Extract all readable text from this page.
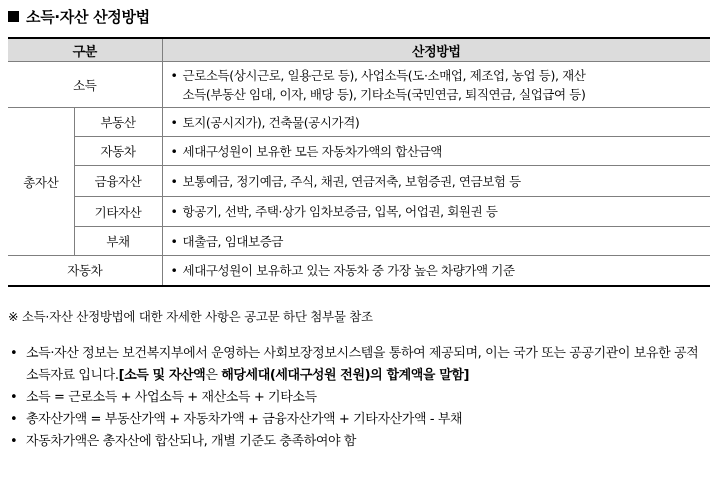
소득·자산 산정방법
구분		산정방법
소득		• 근로소득(상시근로, 일용근로 등), 사업소득(도·소매업, 제조업, 농업 등), 재산
소득(부동산 임대, 이자, 배당 등), 기타소득(국민연금, 퇴직연금, 실업급여 등)

총자산	부동산	• 토지(공시지가), 건축물(공시가격)

	자동차	• 세대구성원이 보유한 모든 자동차가액의 합산금액

	금융자산	• 보통예금, 정기예금, 주식, 채권, 연금저축, 보험증권, 연금보험 등

	기타자산	• 항공기, 선박, 주택·상가 임차보증금, 입목, 어업권, 회원권 등

	부채	• 대출금, 임대보증금

자동차		• 세대구성원이 보유하고 있는 자동차 중 가장 높은 차량가액 기준
※ 소득·자산 산정방법에 대한 자세한 사항은 공고문 하단 첨부물 참조
• 소득·자산 정보는 보건복지부에서 운영하는 사회보장정보시스템을 통하여 제공되며, 이는 국가 또는 공공기관이 보유한 공적 소득자료 입니다.[소득 및 자산액은 해당세대(세대구성원 전원)의 합계액을 말함]
• 소득 = 근로소득 + 사업소득 + 재산소득 + 기타소득
• 총자산가액 = 부동산가액 + 자동차가액 + 금융자산가액 + 기타자산가액 - 부채
• 자동차가액은 총자산에 합산되나, 개별 기준도 충족하여야 함
